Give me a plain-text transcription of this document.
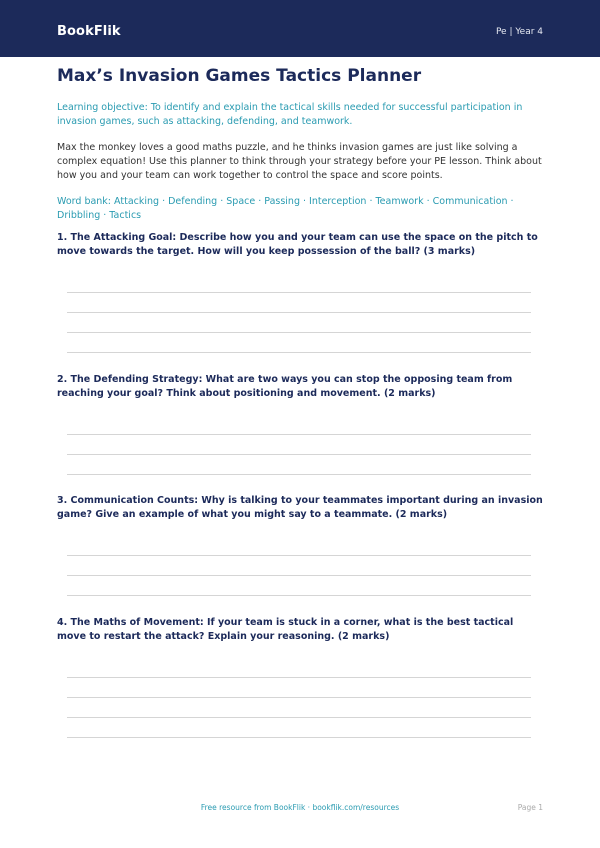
BookFlik	Pe | Year 4
Max’s Invasion Games Tactics Planner

Learning objective: To identify and explain the tactical skills needed for successful participation in invasion games, such as attacking, defending, and teamwork.

Max the monkey loves a good maths puzzle, and he thinks invasion games are just like solving a complex equation! Use this planner to think through your strategy before your PE lesson. Think about how you and your team can work together to control the space and score points.

Word bank: Attacking · Defending · Space · Passing · Interception · Teamwork · Communication · Dribbling · Tactics

1. The Attacking Goal: Describe how you and your team can use the space on the pitch to move towards the target. How will you keep possession of the ball? (3 marks)
2. The Defending Strategy: What are two ways you can stop the opposing team from reaching your goal? Think about positioning and movement. (2 marks)
3. Communication Counts: Why is talking to your teammates important during an invasion game? Give an example of what you might say to a teammate. (2 marks)
4. The Maths of Movement: If your team is stuck in a corner, what is the best tactical move to restart the attack? Explain your reasoning. (2 marks)
Free resource from BookFlik · bookflik.com/resources	Page 1
